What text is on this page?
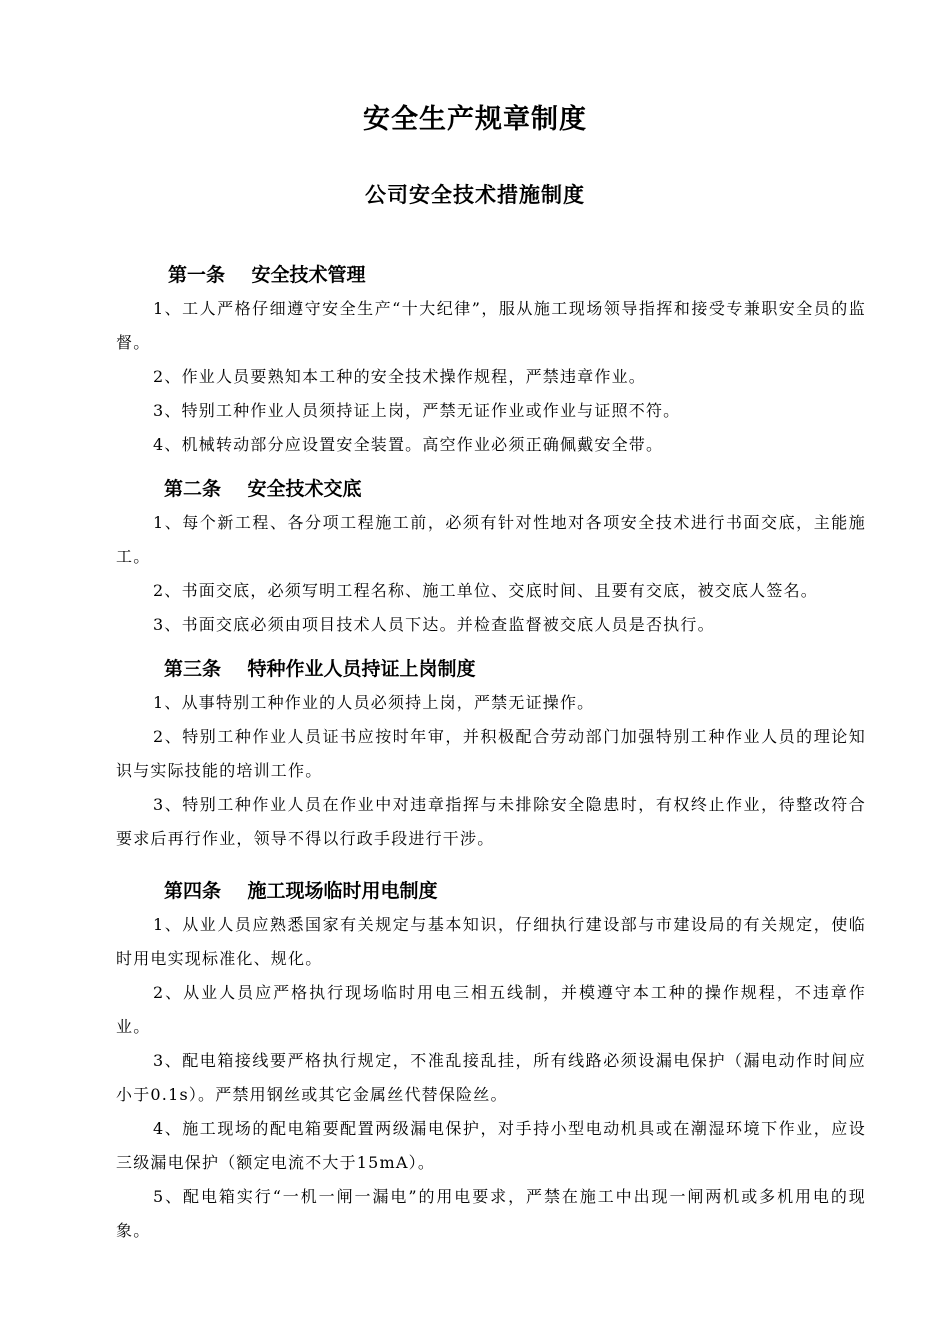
安全生产规章制度
公司安全技术措施制度

第一条    安全技术管理

1、工人严格仔细遵守安全生产“十大纪律”，服从施工现场领导指挥和接受专兼职安全员的监督。

2、作业人员要熟知本工种的安全技术操作规程，严禁违章作业。

3、特别工种作业人员须持证上岗，严禁无证作业或作业与证照不符。

4、机械转动部分应设置安全装置。高空作业必须正确佩戴安全带。

第二条    安全技术交底

1、每个新工程、各分项工程施工前，必须有针对性地对各项安全技术进行书面交底，主能施工。

2、书面交底，必须写明工程名称、施工单位、交底时间、且要有交底，被交底人签名。

3、书面交底必须由项目技术人员下达。并检查监督被交底人员是否执行。

第三条    特种作业人员持证上岗制度

1、从事特别工种作业的人员必须持上岗，严禁无证操作。

2、特别工种作业人员证书应按时年审，并积极配合劳动部门加强特别工种作业人员的理论知识与实际技能的培训工作。

3、特别工种作业人员在作业中对违章指挥与未排除安全隐患时，有权终止作业，待整改符合要求后再行作业，领导不得以行政手段进行干涉。

第四条    施工现场临时用电制度

1、从业人员应熟悉国家有关规定与基本知识，仔细执行建设部与市建设局的有关规定，使临时用电实现标准化、规化。

2、从业人员应严格执行现场临时用电三相五线制，并模遵守本工种的操作规程，不违章作业。

3、配电箱接线要严格执行规定，不准乱接乱挂，所有线路必须设漏电保护（漏电动作时间应小于0.1s）。严禁用钢丝或其它金属丝代替保险丝。

4、施工现场的配电箱要配置两级漏电保护，对手持小型电动机具或在潮湿环境下作业，应设三级漏电保护（额定电流不大于15mA）。

5、配电箱实行“一机一闸一漏电”的用电要求，严禁在施工中出现一闸两机或多机用电的现象。
